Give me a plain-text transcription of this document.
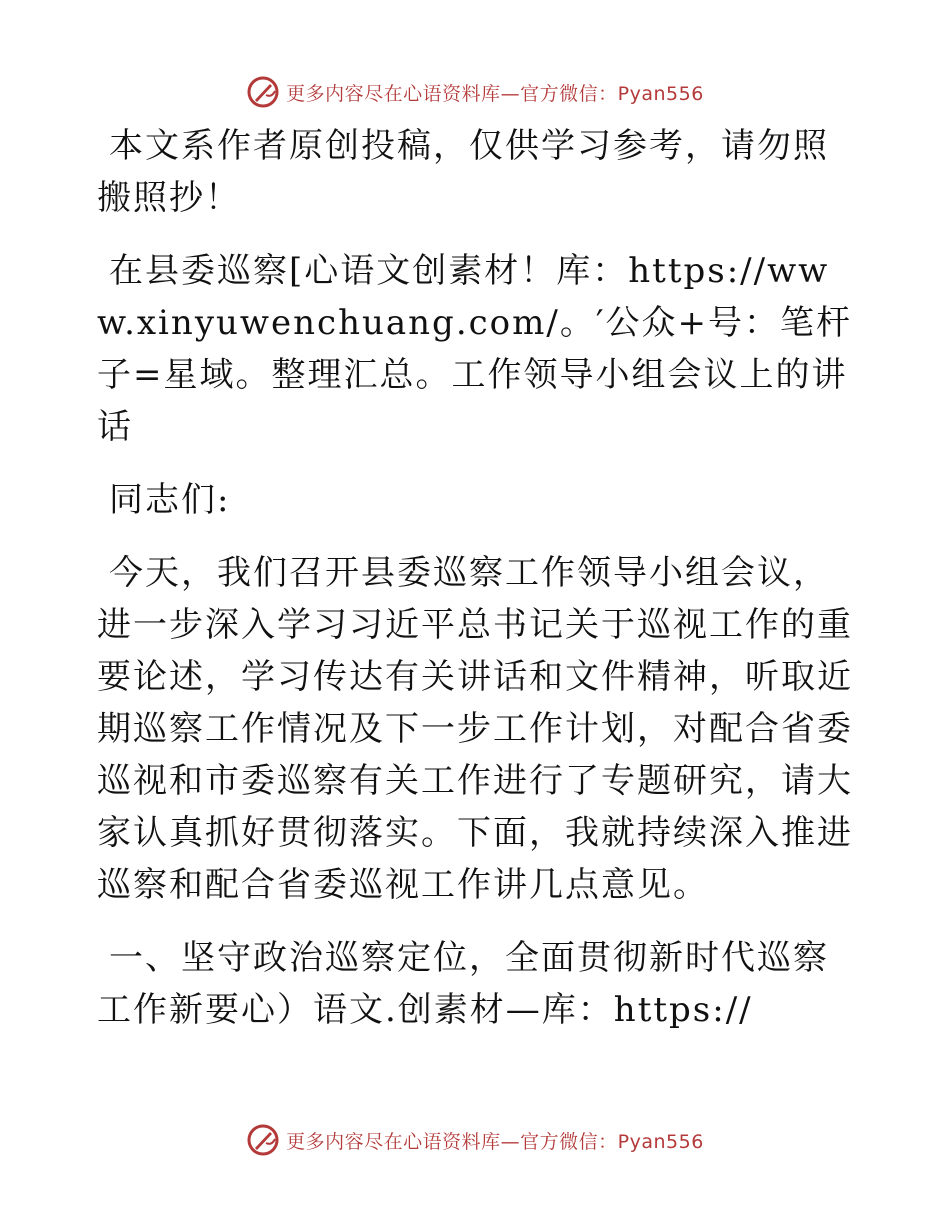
更多内容尽在心语资料库—官方微信：Pyan556

本文系作者原创投稿，仅供学习参考，请勿照搬照抄！

在县委巡察[心语文创素材！库：https://www.xinyuwenchuang.com/。′公众+号：笔杆子=星域。整理汇总。工作领导小组会议上的讲话

同志们:

今天，我们召开县委巡察工作领导小组会议，进一步深入学习习近平总书记关于巡视工作的重要论述，学习传达有关讲话和文件精神，听取近期巡察工作情况及下一步工作计划，对配合省委巡视和市委巡察有关工作进行了专题研究，请大家认真抓好贯彻落实。下面，我就持续深入推进巡察和配合省委巡视工作讲几点意见。

一、坚守政治巡察定位，全面贯彻新时代巡察工作新要心）语文.创素材—库：https://

更多内容尽在心语资料库—官方微信：Pyan556
